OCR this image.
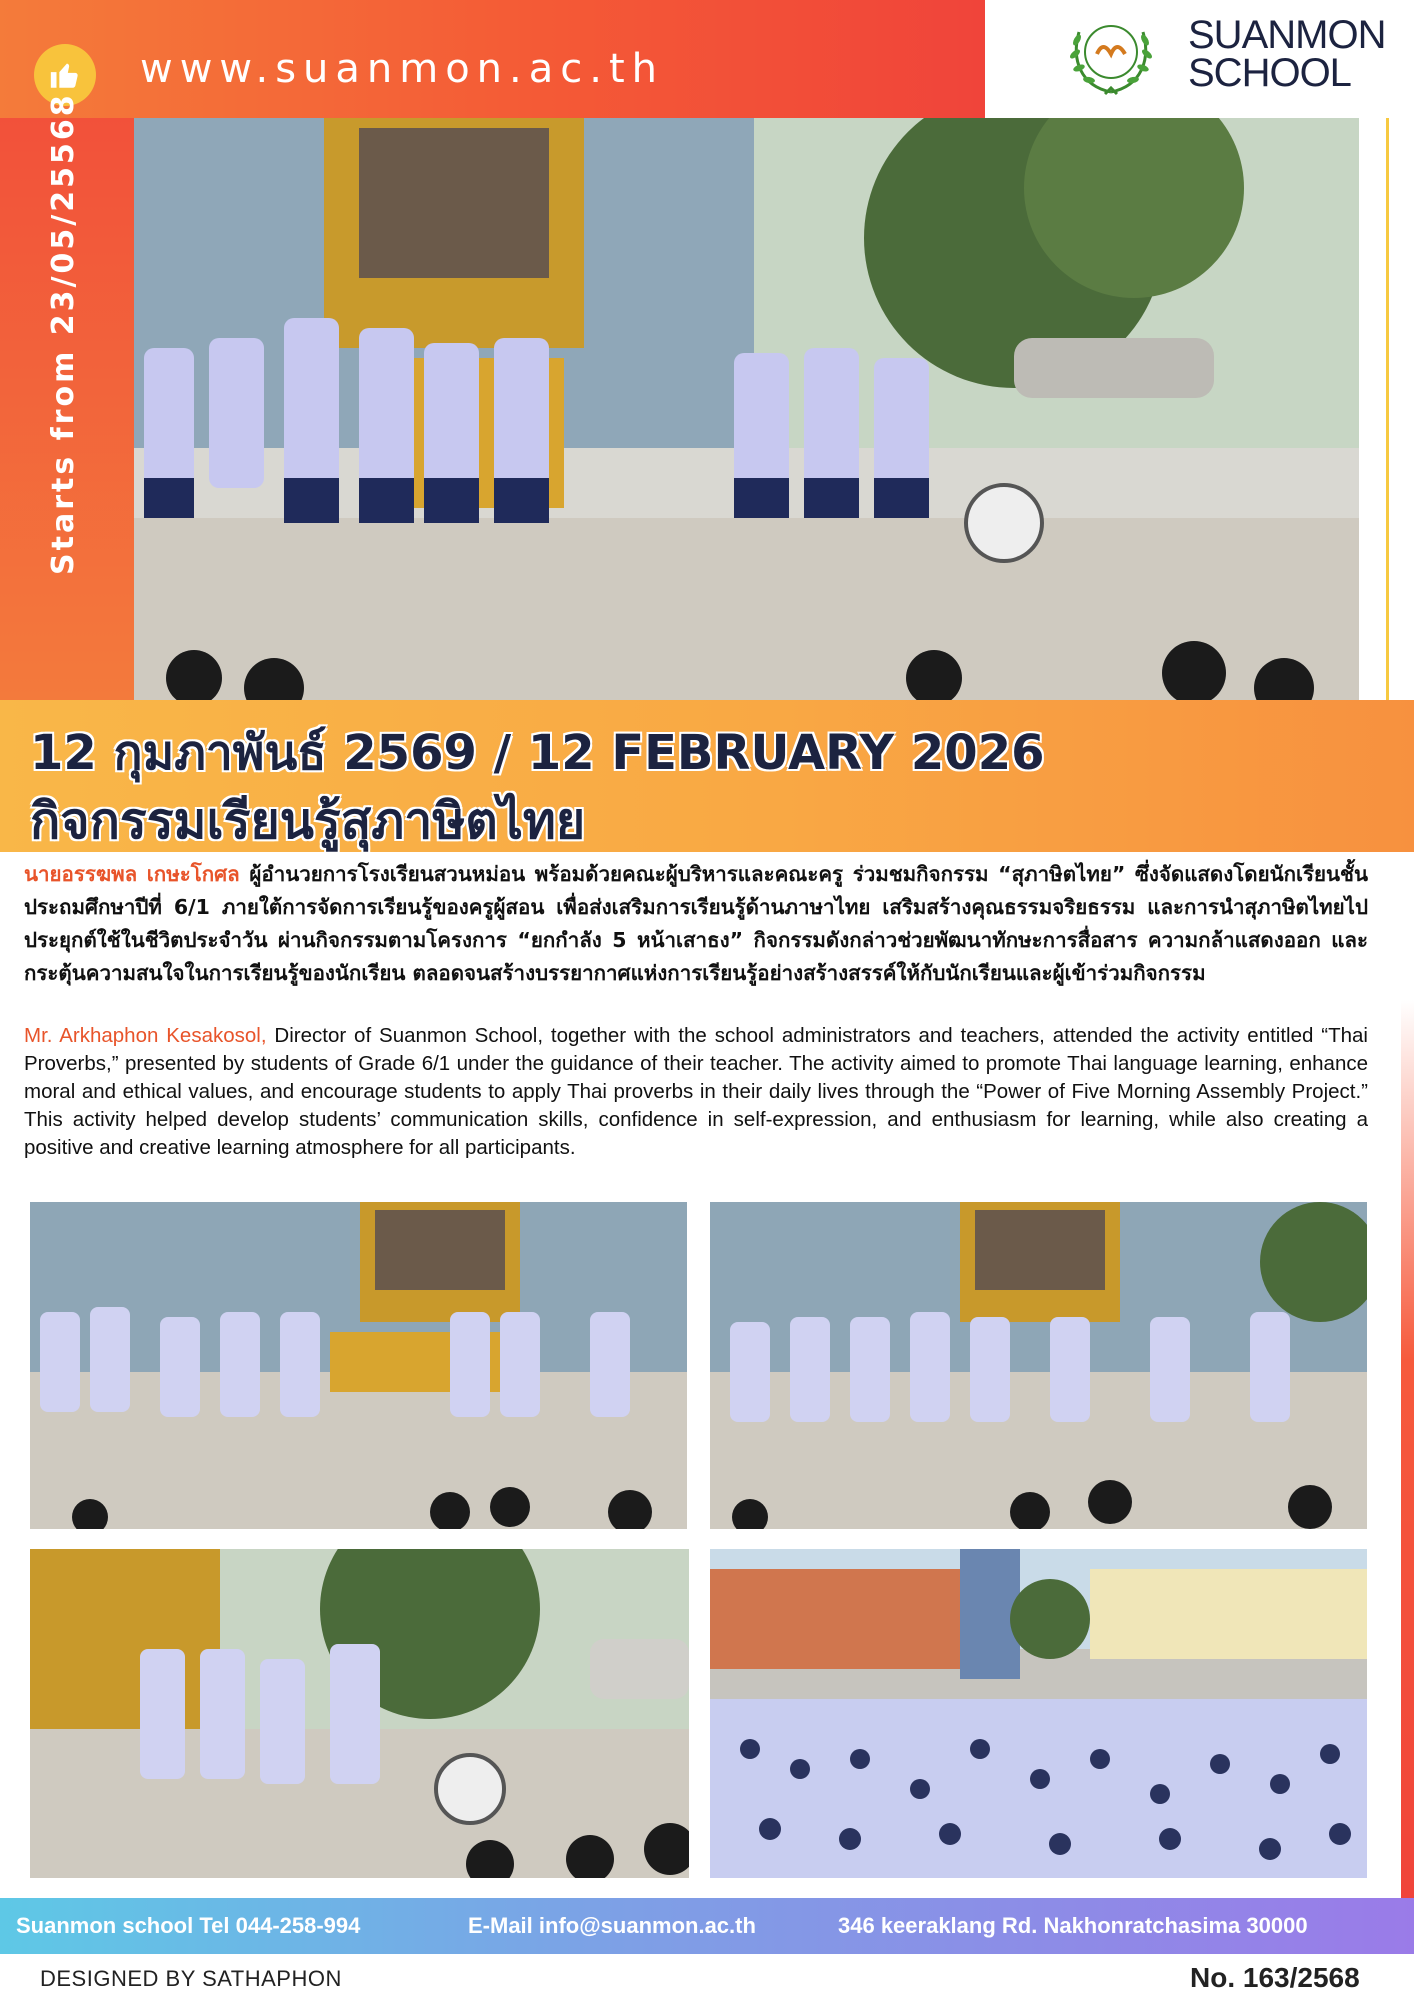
www.suanmon.ac.th
Starts from 23/05/25568
SUANMON
SCHOOL
12 กุมภาพันธ์ 2569 / 12 FEBRUARY 2026
กิจกรรมเรียนรู้สุภาษิตไทย
นายอรรฆพล เกษะโกศล ผู้อำนวยการโรงเรียนสวนหม่อน พร้อมด้วยคณะผู้บริหารและคณะครู ร่วมชมกิจกรรม “สุภาษิตไทย” ซึ่งจัดแสดงโดยนักเรียนชั้นประถมศึกษาปีที่ 6/1 ภายใต้การจัดการเรียนรู้ของครูผู้สอน เพื่อส่งเสริมการเรียนรู้ด้านภาษาไทย เสริมสร้างคุณธรรมจริยธรรม และการนำสุภาษิตไทยไปประยุกต์ใช้ในชีวิตประจำวัน ผ่านกิจกรรมตามโครงการ “ยกกำลัง 5 หน้าเสาธง” กิจกรรมดังกล่าวช่วยพัฒนาทักษะการสื่อสาร ความกล้าแสดงออก และกระตุ้นความสนใจในการเรียนรู้ของนักเรียน ตลอดจนสร้างบรรยากาศแห่งการเรียนรู้อย่างสร้างสรรค์ให้กับนักเรียนและผู้เข้าร่วมกิจกรรม
Mr. Arkhaphon Kesakosol, Director of Suanmon School, together with the school administrators and teachers, attended the activity entitled “Thai Proverbs,” presented by students of Grade 6/1 under the guidance of their teacher. The activity aimed to promote Thai language learning, enhance moral and ethical values, and encourage students to apply Thai proverbs in their daily lives through the “Power of Five Morning Assembly Project.” This activity helped develop students’ communication skills, confidence in self-expression, and enthusiasm for learning, while also creating a positive and creative learning atmosphere for all participants.
Suanmon school Tel 044-258-994	E-Mail info@suanmon.ac.th	346 keeraklang Rd. Nakhonratchasima 30000
DESIGNED BY SATHAPHON	No. 163/2568
